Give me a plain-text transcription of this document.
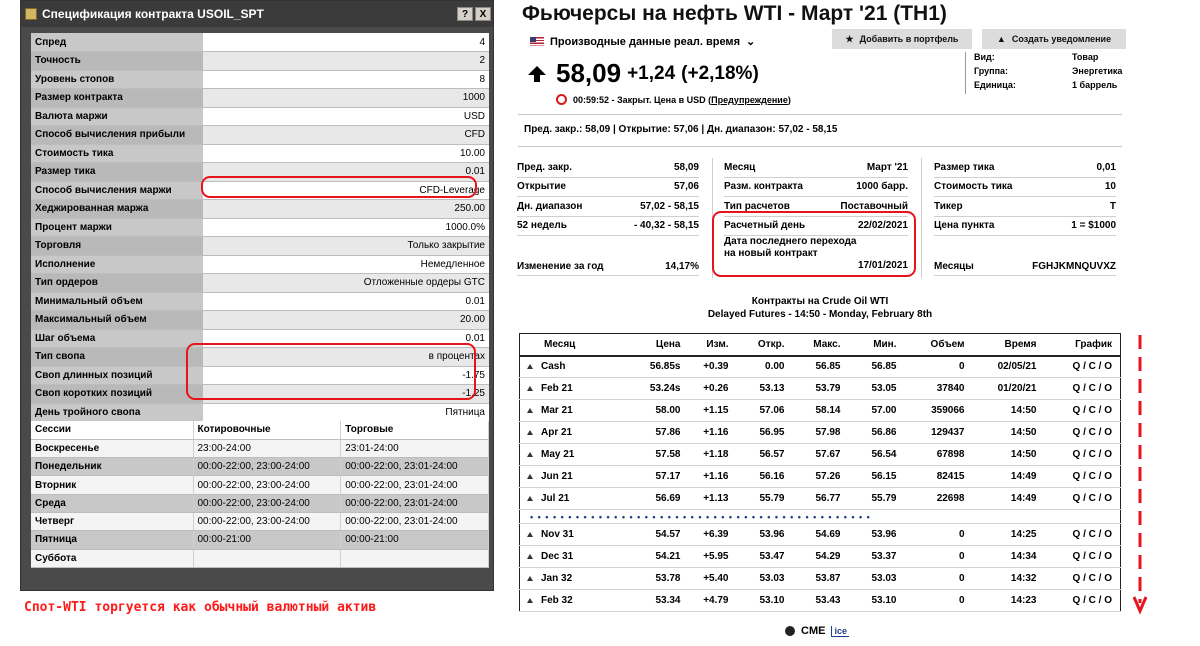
Спецификация контракта USOIL_SPT	?	X
Спред	4
Точность	2
Уровень стопов	8
Размер контракта	1000
Валюта маржи	USD
Способ вычисления прибыли	CFD
Стоимость тика	10.00
Размер тика	0.01
Способ вычисления маржи	CFD-Leverage
Хеджированная маржа	250.00
Процент маржи	1000.0%
Торговля	Только закрытие
Исполнение	Немедленное
Тип ордеров	Отложенные ордеры GTC
Минимальный объем	0.01
Максимальный объем	20.00
Шаг объема	0.01
Тип свопа	в процентах
Своп длинных позиций	-1.75
Своп коротких позиций	-1.25
День тройного свопа	Пятница
Сессии	Котировочные	Торговые
Воскресенье	23:00-24:00	23:01-24:00
Понедельник	00:00-22:00, 23:00-24:00	00:00-22:00, 23:01-24:00
Вторник	00:00-22:00, 23:00-24:00	00:00-22:00, 23:01-24:00
Среда	00:00-22:00, 23:00-24:00	00:00-22:00, 23:01-24:00
Четверг	00:00-22:00, 23:00-24:00	00:00-22:00, 23:01-24:00
Пятница	00:00-21:00	00:00-21:00
Суббота		
Спот-WTI торгуется как обычный валютный актив
Фьючерсы на нефть WTI - Март '21 (TH1)
Производные данные реал. время ⌄	★ Добавить в портфель	▲ Создать уведомление
58,09 +1,24 (+2,18%)
00:59:52 - Закрыт. Цена в USD (Предупреждение)
Вид:	Товар
Группа:	Энергетика
Единица:	1 баррель
Пред. закр.: 58,09 | Открытие: 57,06 | Дн. диапазон: 57,02 - 58,15
Пред. закр.	58,09
Открытие	57,06
Дн. диапазон	57,02 - 58,15
52 недель	- 40,32 - 58,15
Изменение за год	14,17%
Месяц	Март '21
Разм. контракта	1000 барр.
Тип расчетов	Поставочный
Расчетный день	22/02/2021
Дата последнего перехода на новый контракт
17/01/2021
Размер тика	0,01
Стоимость тика	10
Тикер	T
Цена пункта	1 = $1000
Месяцы	FGHJKMNQUVXZ
Контракты на Crude Oil WTI
Delayed Futures - 14:50 - Monday, February 8th
Месяц	Цена	Изм.	Откр.	Макс.	Мин.	Объем	Время	График
Cash	56.85s	+0.39	0.00	56.85	56.85	0	02/05/21	Q / C / O
Feb 21	53.24s	+0.26	53.13	53.79	53.05	37840	01/20/21	Q / C / O
Mar 21	58.00	+1.15	57.06	58.14	57.00	359066	14:50	Q / C / O
Apr 21	57.86	+1.16	56.95	57.98	56.86	129437	14:50	Q / C / O
May 21	57.58	+1.18	56.57	57.67	56.54	67898	14:50	Q / C / O
Jun 21	57.17	+1.16	56.16	57.26	56.15	82415	14:49	Q / C / O
Jul 21	56.69	+1.13	55.79	56.77	55.79	22698	14:49	Q / C / O
• • • • • • • • • • • • • • • • • • • • • • • • • • • • • • • • • • • • • • • • • • • • •								
Nov 31	54.57	+6.39	53.96	54.69	53.96	0	14:25	Q / C / O
Dec 31	54.21	+5.95	53.47	54.29	53.37	0	14:34	Q / C / O
Jan 32	53.78	+5.40	53.03	53.87	53.03	0	14:32	Q / C / O
Feb 32	53.34	+4.79	53.10	53.43	53.10	0	14:23	Q / C / O
CME	ice
